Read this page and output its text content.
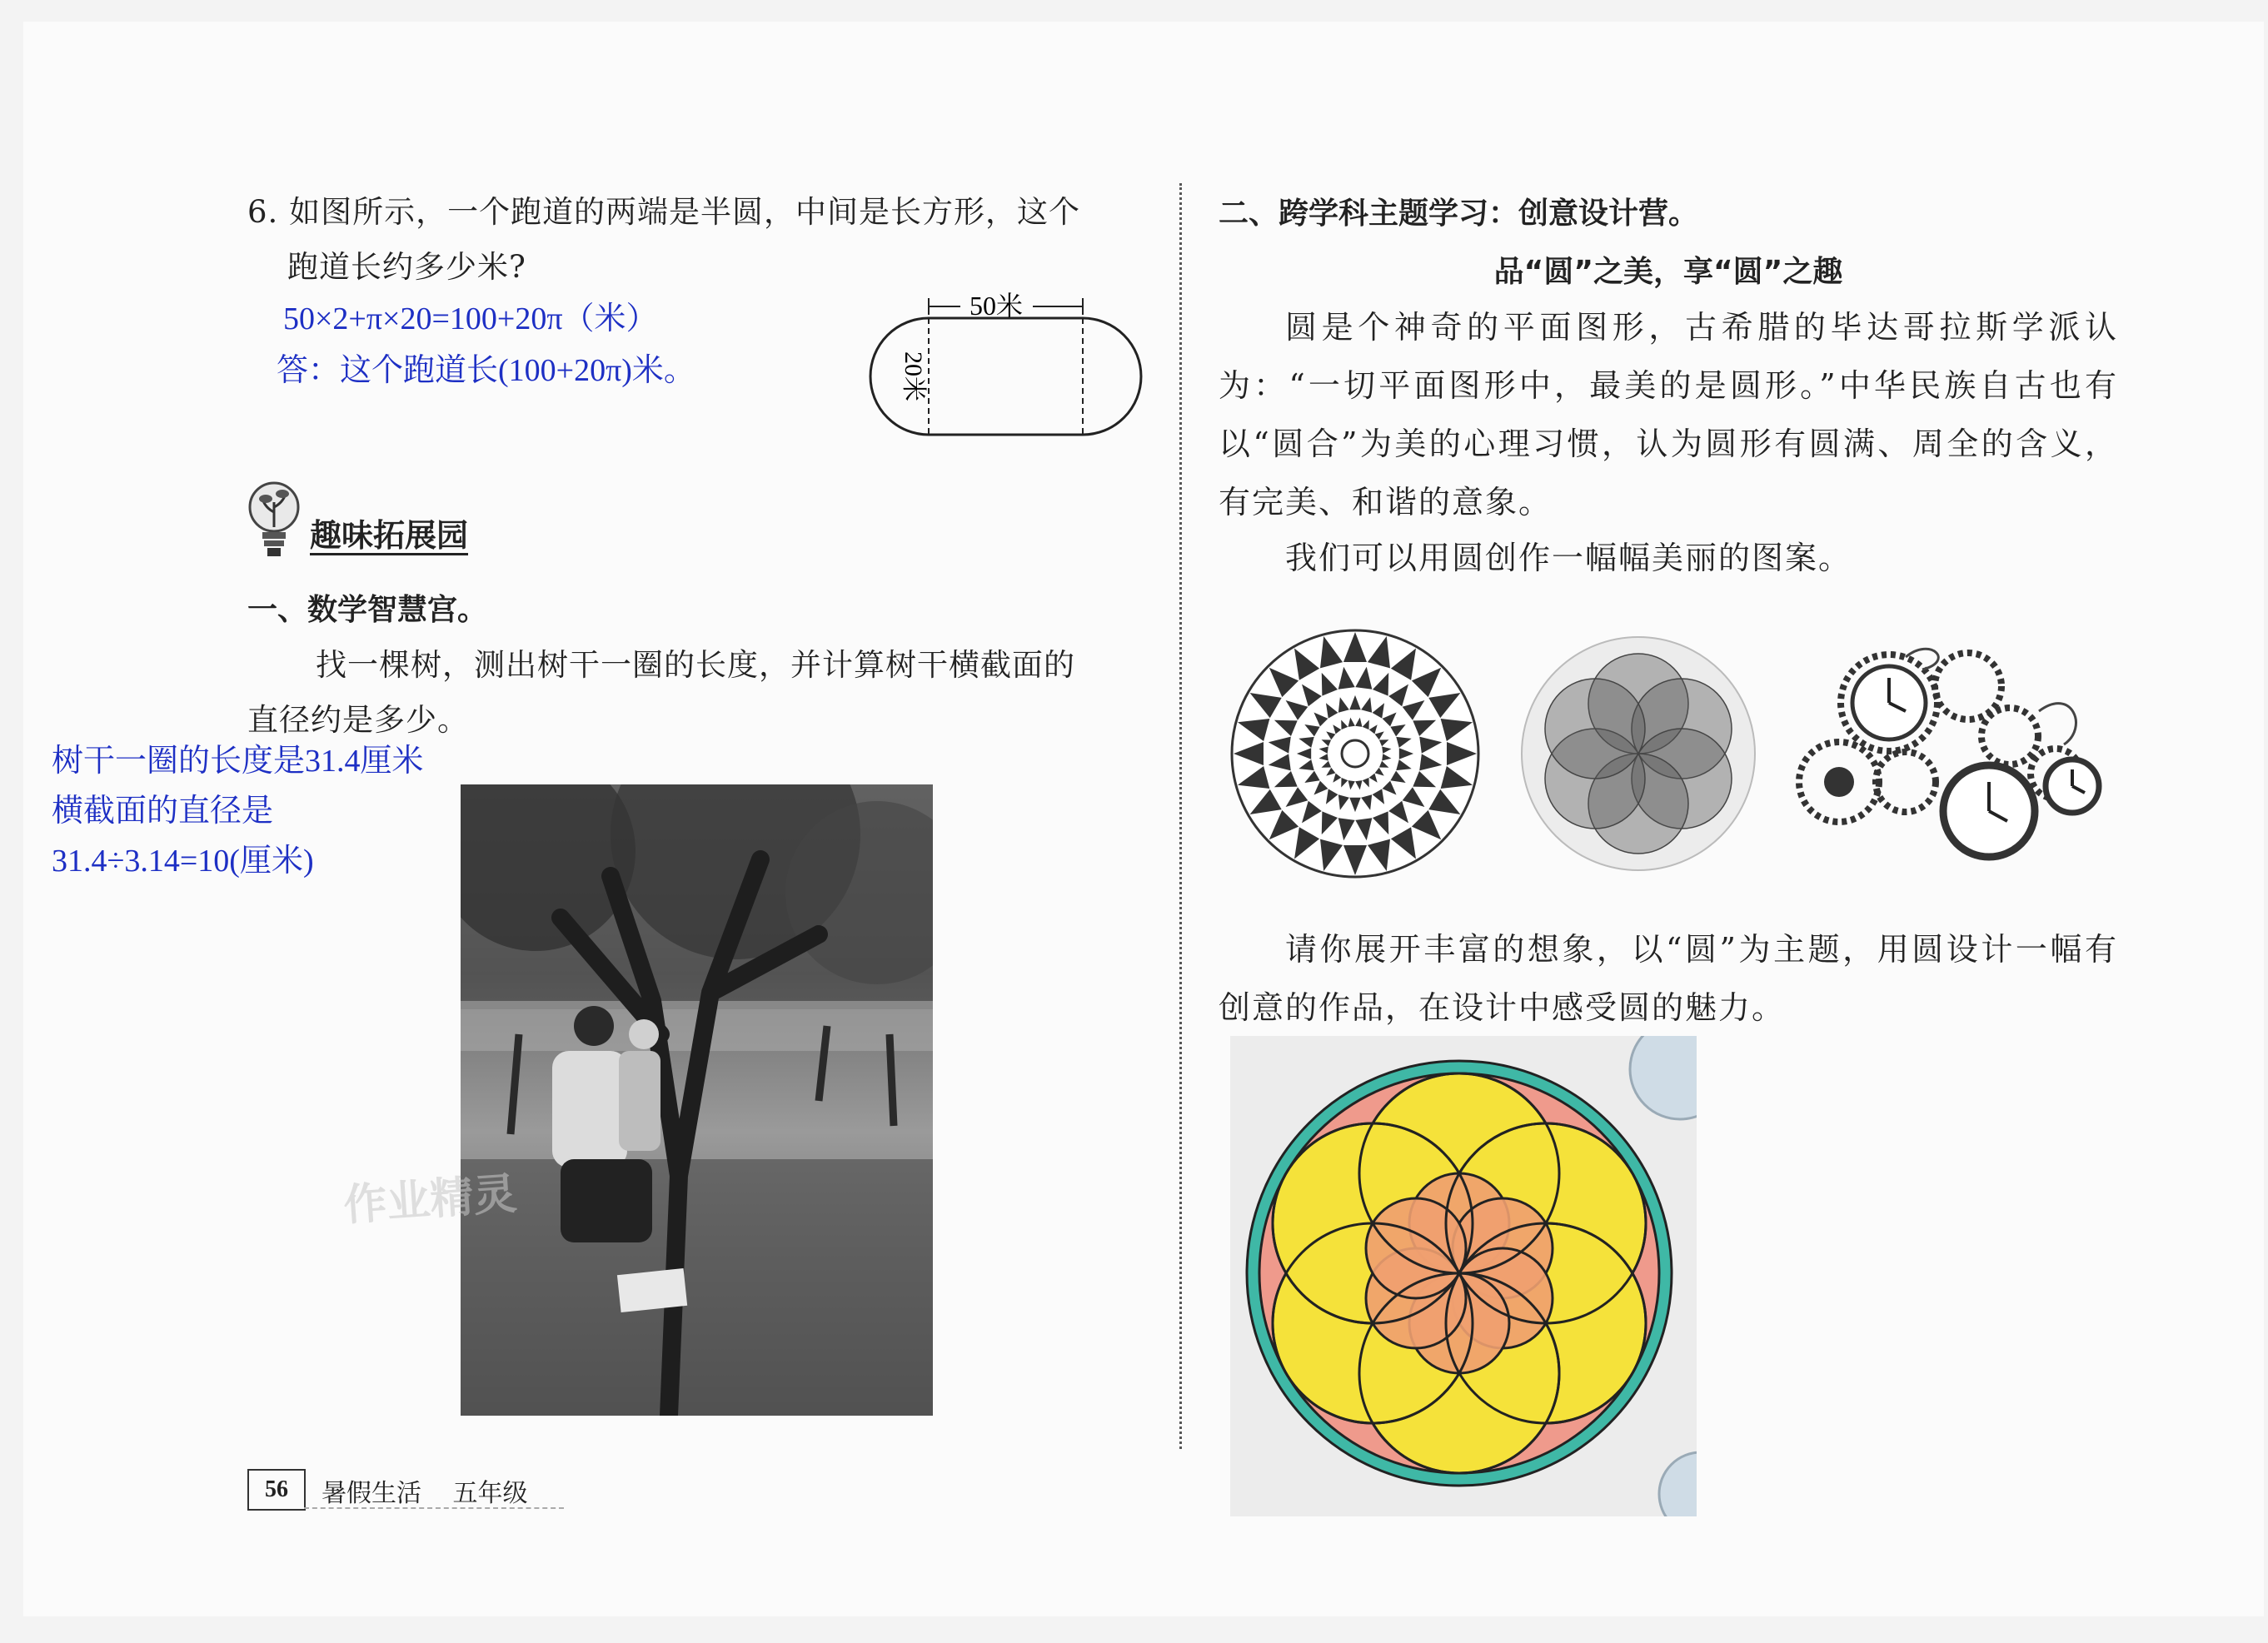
6. 如图所示，一个跑道的两端是半圆，中间是长方形，这个
跑道长约多少米?
50×2+π×20=100+20π（米）
答：这个跑道长(100+20π)米。
50米
20米
趣味拓展园
一、数学智慧宫。
找一棵树，测出树干一圈的长度，并计算树干横截面的
直径约是多少。
树干一圈的长度是31.4厘米
横截面的直径是
31.4÷3.14=10(厘米)
作业精灵
二、跨学科主题学习：创意设计营。
品“圆”之美，享“圆”之趣
圆是个神奇的平面图形，古希腊的毕达哥拉斯学派认为：“一切平面图形中，最美的是圆形。”中华民族自古也有以“圆合”为美的心理习惯，认为圆形有圆满、周全的含义，有完美、和谐的意象。
我们可以用圆创作一幅幅美丽的图案。
请你展开丰富的想象，以“圆”为主题，用圆设计一幅有创意的作品，在设计中感受圆的魅力。
56	暑假生活 五年级
